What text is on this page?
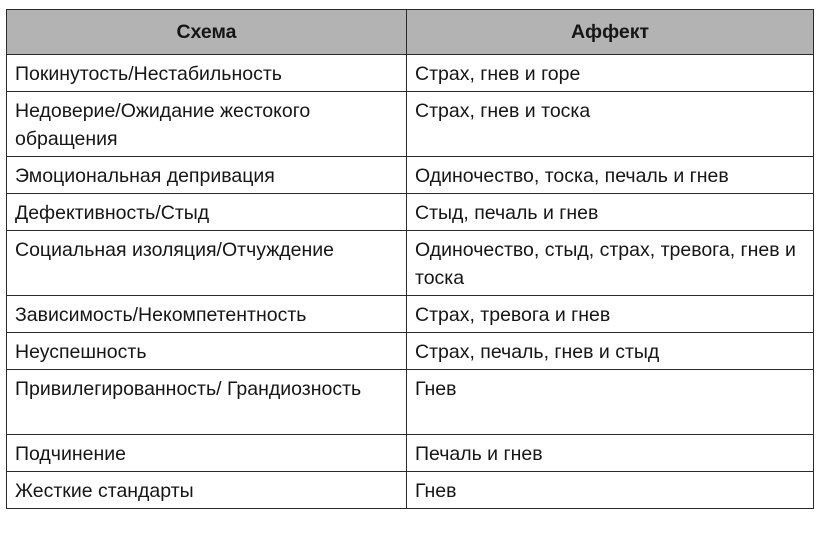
Схема	Аффект
Покинутость/Нестабильность	Страх, гнев и горе
Недоверие/Ожидание жестокого обращения	Страх, гнев и тоска
Эмоциональная депривация	Одиночество, тоска, печаль и гнев
Дефективность/Стыд	Стыд, печаль и гнев
Социальная изоляция/Отчуждение	Одиночество, стыд, страх, тревога, гнев и тоска
Зависимость/Некомпетентность	Страх, тревога и гнев
Неуспешность	Страх, печаль, гнев и стыд
Привилегированность/ Грандиозность	Гнев
Подчинение	Печаль и гнев
Жесткие стандарты	Гнев
